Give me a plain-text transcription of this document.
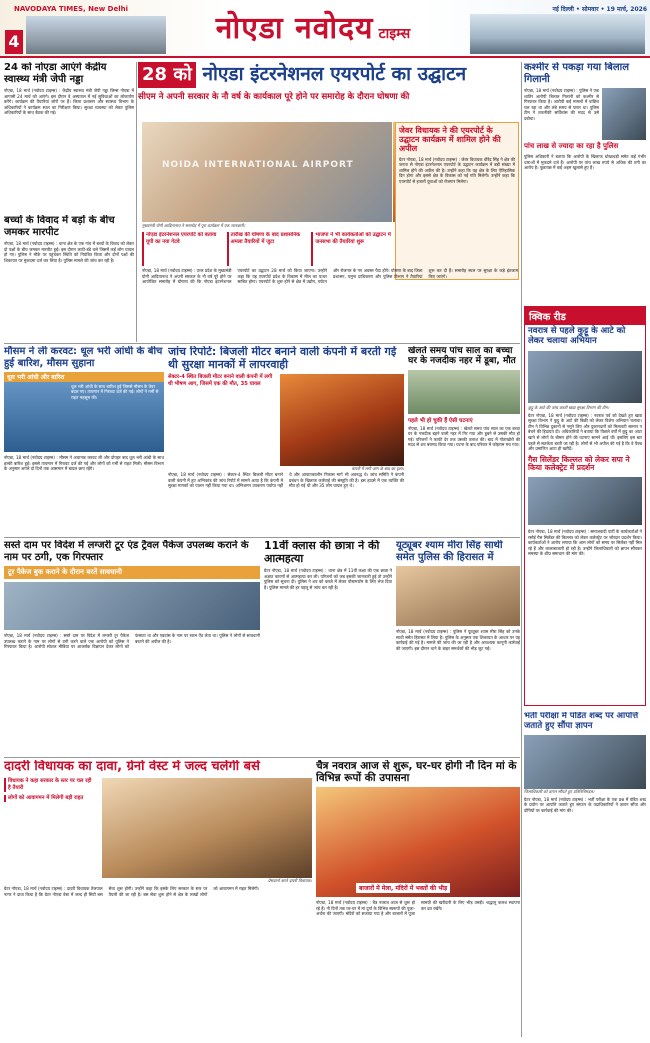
NAVODAYA TIMES, New Delhi
4	नोएडा नवोदय टाइम्स
नई दिल्ली • सोमवार • 19 मार्च, 2026
24 को नोएडा आएंगे केंद्रीय स्वास्थ्य मंत्री जेपी नड्डा
नोएडा, 18 मार्च (नवोदय टाइम्स) : केंद्रीय स्वास्थ्य मंत्री जेपी नड्डा जिम्स नोएडा में आगामी 24 मार्च को आएंगे। इस दौरान वे अस्पताल में नई सुविधाओं का लोकार्पण करेंगे। कार्यक्रम की तैयारियां जोरों पर हैं। जिला प्रशासन और स्वास्थ्य विभाग के अधिकारियों ने कार्यक्रम स्थल का निरीक्षण किया। सुरक्षा व्यवस्था को लेकर पुलिस अधिकारियों के साथ बैठक की गई।
बच्चों के विवाद में बड़ों के बीच जमकर मारपीट
नोएडा, 18 मार्च (नवोदय टाइम्स) : थाना क्षेत्र के एक गांव में बच्चों के विवाद को लेकर दो पक्षों के बीच जमकर मारपीट हुई। इस दौरान लाठी-डंडे चले जिसमें कई लोग घायल हो गए। पुलिस ने मौके पर पहुंचकर स्थिति को नियंत्रित किया और दोनों पक्षों की शिकायत पर मुकदमा दर्ज कर लिया है। पुलिस मामले की जांच कर रही है।
28 को नोएडा इंटरनेशनल एयरपोर्ट का उद्घाटन
सीएम ने अपनी सरकार के नौ वर्ष के कार्यकाल पूरे होने पर समारोह के दौरान घोषणा की
NOIDA INTERNATIONAL AIRPORT
मुख्यमंत्री योगी आदित्यनाथ ने समारोह में पूरा कार्यक्रम में एक जानकारी।
जेवर विधायक ने की एयरपोर्ट के उद्घाटन कार्यक्रम में शामिल होने की अपील
ग्रेटर नोएडा, 18 मार्च (नवोदय टाइम्स) : जेवर विधायक धीरेंद्र सिंह ने क्षेत्र की जनता से नोएडा इंटरनेशनल एयरपोर्ट के उद्घाटन कार्यक्रम में बड़ी संख्या में शामिल होने की अपील की है। उन्होंने कहा कि यह क्षेत्र के लिए ऐतिहासिक दिन होगा और इससे क्षेत्र के विकास को नई गति मिलेगी। उन्होंने कहा कि एयरपोर्ट से हजारों युवाओं को रोजगार मिलेगा।
नोएडा इंटरनेशनल एयरपोर्ट को बताया यूपी का नया गेटवे
तारीख की घोषणा के बाद प्रशासनिक अमला तैयारियों में जुटा
भाजपा ने भी कार्यकर्ताओं को उद्घाटन में जनसभा की तैयारियां शुरू
नोएडा, 18 मार्च (नवोदय टाइम्स) : उत्तर प्रदेश के मुख्यमंत्री योगी आदित्यनाथ ने अपनी सरकार के नौ वर्ष पूरे होने पर आयोजित समारोह में घोषणा की कि नोएडा इंटरनेशनल एयरपोर्ट का उद्घाटन 28 मार्च को किया जाएगा। उन्होंने कहा कि यह एयरपोर्ट प्रदेश के विकास में मील का पत्थर साबित होगा। एयरपोर्ट के शुरू होने से क्षेत्र में उद्योग, पर्यटन और रोजगार के नए अवसर पैदा होंगे। घोषणा के बाद जिला प्रशासन, यमुना प्राधिकरण और पुलिस विभाग ने तैयारियां शुरू कर दी हैं। समारोह स्थल पर सुरक्षा के कड़े इंतजाम किए जाएंगे।
कश्मीर से पकड़ा गया बिलाल गिलानी
नोएडा, 18 मार्च (नवोदय टाइम्स) : पुलिस ने एक शातिर आरोपी बिलाल गिलानी को कश्मीर से गिरफ्तार किया है। आरोपी कई मामलों में वांछित चल रहा था और लंबे समय से फरार था। पुलिस टीम ने तकनीकी सर्विलांस की मदद से उसे दबोचा।
पांच लाख से ज्यादा का रहा है पुलिस
पुलिस अधिकारी ने बताया कि आरोपी के खिलाफ धोखाधड़ी समेत कई गंभीर धाराओं में मुकदमे दर्ज हैं। आरोपी पर पांच लाख रुपये से अधिक की ठगी का आरोप है। पूछताछ में कई अहम खुलासे हुए हैं।
क्विक रीड
नवरात्र से पहले कुट्टू के आटे को लेकर चलाया अभियान
कुट्टू के आटे की जांच करती खाद्य सुरक्षा विभाग की टीम।
ग्रेटर नोएडा, 18 मार्च (नवोदय टाइम्स) : नवरात्र पर्व को देखते हुए खाद्य सुरक्षा विभाग ने कुट्टू के आटे की बिक्री को लेकर विशेष अभियान चलाया। टीम ने विभिन्न दुकानों से नमूने लिए और दुकानदारों को मिलावटी सामान न बेचने की हिदायत दी। अधिकारियों ने बताया कि पिछले वर्षों में कुट्टू का आटा खाने से लोगों के बीमार होने की घटनाएं सामने आई थीं। इसलिए इस बार पहले से सतर्कता बरती जा रही है। लोगों से भी अपील की गई है कि वे पैक्ड और प्रमाणित आटा ही खरीदें।
गैस सिलेंडर किल्लत को लेकर सपा ने किया कलेक्ट्रेट में प्रदर्शन
ग्रेटर नोएडा, 18 मार्च (नवोदय टाइम्स) : समाजवादी पार्टी के कार्यकर्ताओं ने रसोई गैस सिलेंडर की किल्लत को लेकर कलेक्ट्रेट पर जोरदार प्रदर्शन किया। कार्यकर्ताओं ने आरोप लगाया कि आम लोगों को समय पर सिलेंडर नहीं मिल रहे हैं और कालाबाजारी हो रही है। उन्होंने जिलाधिकारी को ज्ञापन सौंपकर समस्या के शीघ्र समाधान की मांग की।
मौसम ने ली करवट: धूल भरी आंधी के बीच हुई बारिश, मौसम सुहाना
धूल भरी आंधी और बारिश
धूल भरी आंधी के साथ बारिश हुई जिससे मौसम के तेवर बदल गए। तापमान में गिरावट दर्ज की गई। लोगों ने गर्मी से राहत महसूस की।
नोएडा, 18 मार्च (नवोदय टाइम्स) : मौसम ने अचानक करवट ली और दोपहर बाद धूल भरी आंधी के साथ हल्की बारिश हुई। इससे तापमान में गिरावट दर्ज की गई और लोगों को गर्मी से राहत मिली। मौसम विभाग के अनुसार अगले दो दिनों तक आसमान में बादल छाए रहेंगे।
जांच रिपोर्ट: बिजली मीटर बनाने वाली कंपनी में बरती गई थी सुरक्षा मानकों में लापरवाही
सेक्टर-4 स्थित बिजली मीटर बनाने वाली कंपनी में लगी थी भीषण आग, जिसमें एक की मौत, 35 घायल
कंपनी में लगी आग के बाद का दृश्य।
नोएडा, 18 मार्च (नवोदय टाइम्स) : सेक्टर-4 स्थित बिजली मीटर बनाने वाली कंपनी में हुए अग्निकांड की जांच रिपोर्ट में सामने आया है कि कंपनी में सुरक्षा मानकों का पालन नहीं किया गया था। अग्निशमन उपकरण पर्याप्त नहीं थे और आपातकालीन निकास मार्ग भी अवरुद्ध थे। जांच समिति ने कंपनी प्रबंधन के खिलाफ कार्रवाई की संस्तुति की है। इस हादसे में एक व्यक्ति की मौत हो गई थी और 35 लोग घायल हुए थे।
खेलते समय पांच साल का बच्चा घर के नजदीक नहर में डूबा, मौत
पहले भी हो चुकी हैं ऐसी घटनाएं
नोएडा, 18 मार्च (नवोदय टाइम्स) : खेलते समय पांच साल का एक बच्चा घर के नजदीक बहने वाली नहर में गिर गया और डूबने से उसकी मौत हो गई। परिजनों ने काफी देर तक उसकी तलाश की। बाद में गोताखोरों की मदद से शव बरामद किया गया। घटना के बाद परिवार में कोहराम मच गया।
सस्ते दाम पर विदेश में लग्जरी टूर एंड ट्रैवल पैकेज उपलब्ध कराने के नाम पर ठगी, एक गिरफ्तार
टूर पैकेज बुक कराने के दौरान बरतें सावधानी
नोएडा, 18 मार्च (नवोदय टाइम्स) : सस्ते दाम पर विदेश में लग्जरी टूर पैकेज उपलब्ध कराने के नाम पर लोगों से ठगी करने वाले एक आरोपी को पुलिस ने गिरफ्तार किया है। आरोपी सोशल मीडिया पर आकर्षक विज्ञापन देकर लोगों को फंसाता था और एडवांस के नाम पर रकम ऐंठ लेता था। पुलिस ने लोगों से सावधानी बरतने की अपील की है।
11वीं क्लास की छात्रा ने की आत्महत्या
ग्रेटर नोएडा, 18 मार्च (नवोदय टाइम्स) : थाना क्षेत्र में 11वीं कक्षा की एक छात्रा ने अज्ञात कारणों से आत्महत्या कर ली। परिजनों को जब इसकी जानकारी हुई तो उन्होंने पुलिस को सूचना दी। पुलिस ने शव को कब्जे में लेकर पोस्टमार्टम के लिए भेज दिया है। पुलिस मामले की हर पहलू से जांच कर रही है।
यूट्यूबर श्याम मीरा सिंह साथी समेत पुलिस की हिरासत में
नोएडा, 18 मार्च (नवोदय टाइम्स) : पुलिस ने यूट्यूबर श्याम मीरा सिंह को उनके साथी समेत हिरासत में लिया है। पुलिस के अनुसार एक शिकायत के आधार पर यह कार्रवाई की गई है। मामले की जांच की जा रही है और आवश्यक कानूनी कार्रवाई की जाएगी। इस दौरान थाने के बाहर समर्थकों की भीड़ जुट गई।
भर्ती परीक्षा में पंडित शब्द पर आपत्ति जताते हुए सौंपा ज्ञापन
जिलाधिकारी को ज्ञापन सौंपते हुए प्रतिनिधिमंडल।
ग्रेटर नोएडा, 18 मार्च (नवोदय टाइम्स) : भर्ती परीक्षा के एक प्रश्न में पंडित शब्द के प्रयोग पर आपत्ति जताते हुए संगठन के पदाधिकारियों ने ज्ञापन सौंपा और दोषियों पर कार्रवाई की मांग की।
दादरी विधायक का दावा, ग्रेनो वेस्ट में जल्द चलेंगी बसें
विधायक ने कहा सरकार के स्तर पर चल रही है तैयारी
लोगों को आवागमन में मिलेगी बड़ी राहत
प्रेसवार्ता करते दादरी विधायक।
ग्रेटर नोएडा, 18 मार्च (नवोदय टाइम्स) : दादरी विधायक तेजपाल नागर ने दावा किया है कि ग्रेटर नोएडा वेस्ट में जल्द ही सिटी बस सेवा शुरू होगी। उन्होंने कहा कि इसके लिए सरकार के स्तर पर तैयारी की जा रही है। बस सेवा शुरू होने से क्षेत्र के लाखों लोगों को आवागमन में राहत मिलेगी।
चैत्र नवरात्र आज से शुरू, घर-घर होगी नौ दिन मां के विभिन्न रूपों की उपासना
बाजारों में मेला, मंदिरों में भक्तों की भीड़
नोएडा, 18 मार्च (नवोदय टाइम्स) : चैत्र नवरात्र आज से शुरू हो रहे हैं। नौ दिनों तक घर-घर में मां दुर्गा के विभिन्न स्वरूपों की पूजा-अर्चना की जाएगी। मंदिरों को सजाया गया है और बाजारों में पूजा सामग्री की खरीदारी के लिए भीड़ उमड़ी। श्रद्धालु कलश स्थापना कर व्रत रखेंगे।
